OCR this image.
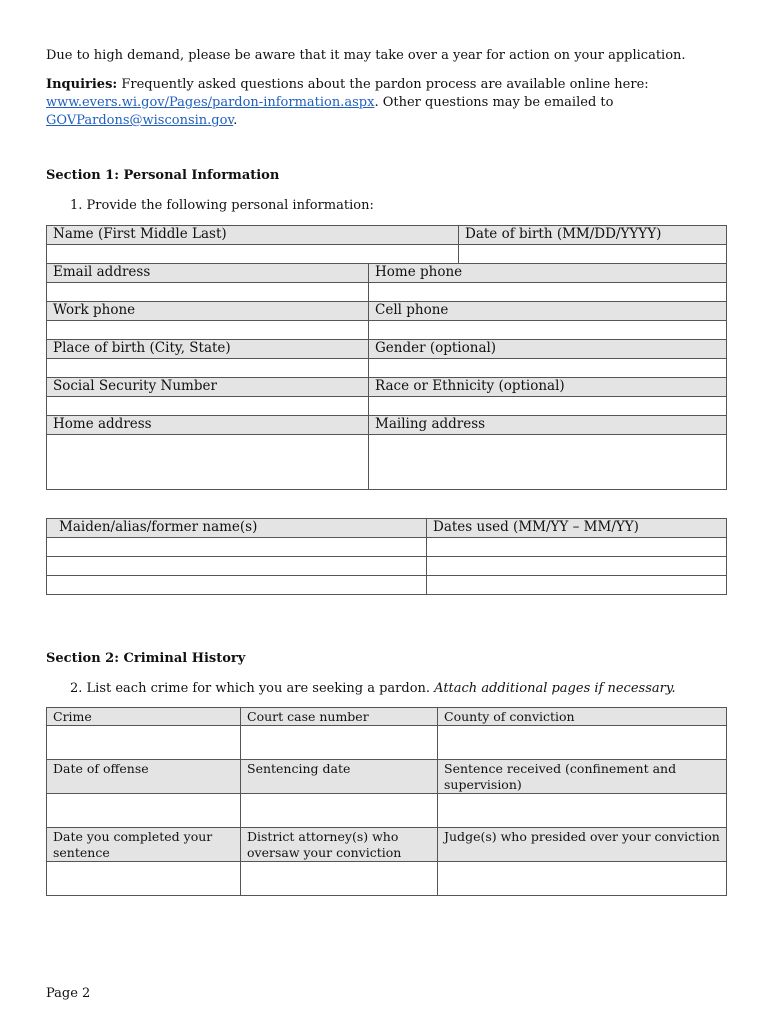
Due to high demand, please be aware that it may take over a year for action on your application.

Inquiries: Frequently asked questions about the pardon process are available online here:
www.evers.wi.gov/Pages/pardon-information.aspx. Other questions may be emailed to
GOVPardons@wisconsin.gov.

Section 1: Personal Information
1. Provide the following personal information:
Name (First Middle Last)		Date of birth (MM/DD/YYYY)

Email address	Home phone	

Work phone	Cell phone	

Place of birth (City, State)	Gender (optional)	

Social Security Number	Race or Ethnicity (optional)	

Home address	Mailing address	

Maiden/alias/former name(s)	Dates used (MM/YY – MM/YY)

Section 2: Criminal History
2. List each crime for which you are seeking a pardon. Attach additional pages if necessary.
Crime	Court case number	County of conviction

Date of offense	Sentencing date	Sentence received (confinement and supervision)

Date you completed your sentence	District attorney(s) who oversaw your conviction	Judge(s) who presided over your conviction

Page 2
